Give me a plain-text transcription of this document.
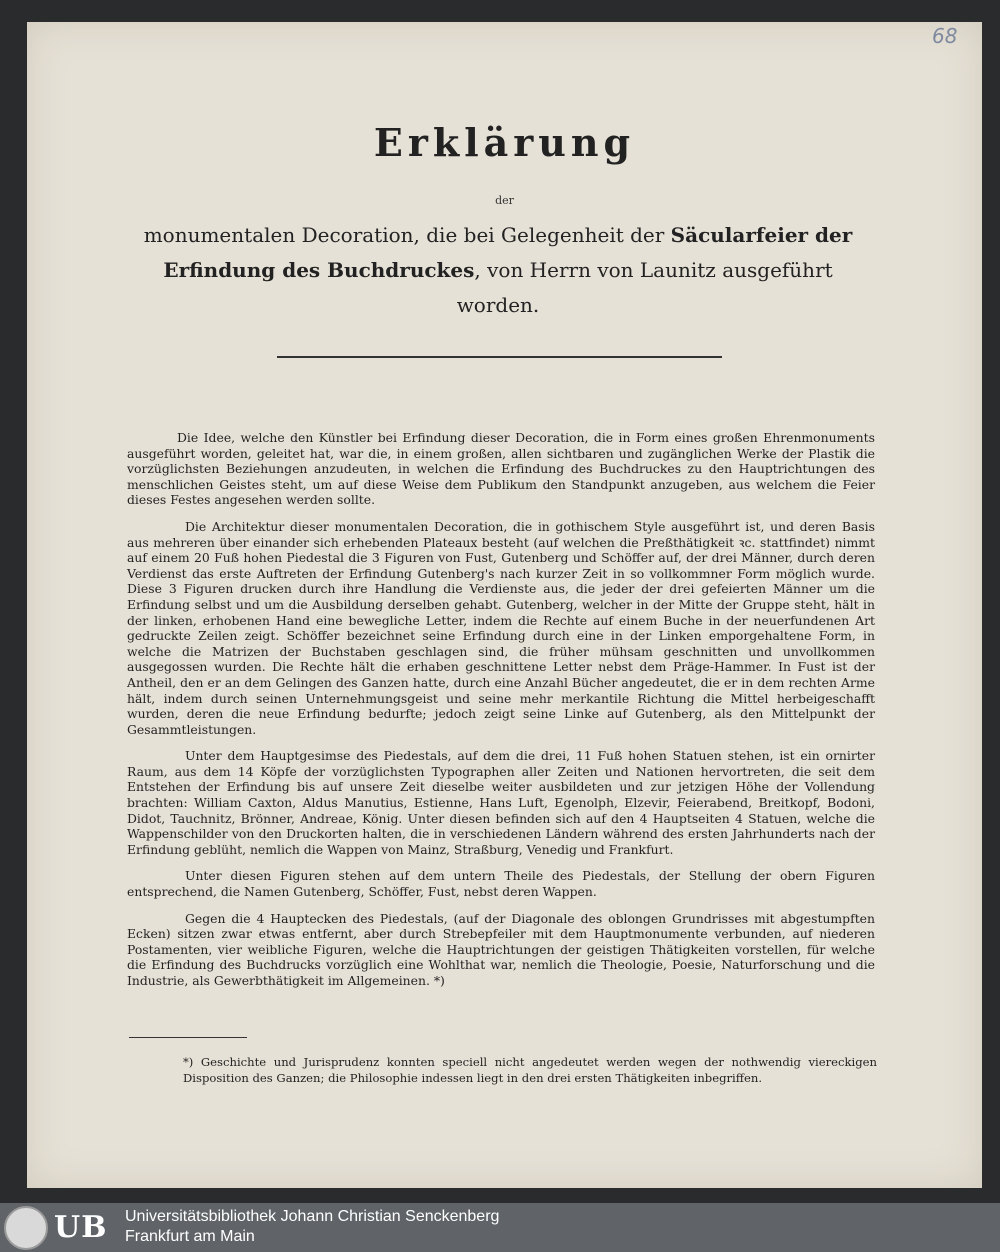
68
Erklärung
der
monumentalen Decoration, die bei Gelegenheit der Säcularfeier der Erfindung des Buchdruckes, von Herrn von Launitz ausgeführt worden.

Die Idee, welche den Künstler bei Erfindung dieser Decoration, die in Form eines großen Ehrenmonuments ausgeführt worden, geleitet hat, war die, in einem großen, allen sichtbaren und zugänglichen Werke der Plastik die vorzüglichsten Beziehungen anzudeuten, in welchen die Erfindung des Buchdruckes zu den Hauptrichtungen des menschlichen Geistes steht, um auf diese Weise dem Publikum den Standpunkt anzugeben, aus welchem die Feier dieses Festes angesehen werden sollte.

Die Architektur dieser monumentalen Decoration, die in gothischem Style ausgeführt ist, und deren Basis aus mehreren über einander sich erhebenden Plateaux besteht (auf welchen die Preßthätigkeit ꝛc. stattfindet) nimmt auf einem 20 Fuß hohen Piedestal die 3 Figuren von Fust, Gutenberg und Schöffer auf, der drei Männer, durch deren Verdienst das erste Auftreten der Erfindung Gutenberg's nach kurzer Zeit in so vollkommner Form möglich wurde. Diese 3 Figuren drucken durch ihre Handlung die Verdienste aus, die jeder der drei gefeierten Männer um die Erfindung selbst und um die Ausbildung derselben gehabt. Gutenberg, welcher in der Mitte der Gruppe steht, hält in der linken, erhobenen Hand eine bewegliche Letter, indem die Rechte auf einem Buche in der neuerfundenen Art gedruckte Zeilen zeigt. Schöffer bezeichnet seine Erfindung durch eine in der Linken emporgehaltene Form, in welche die Matrizen der Buchstaben geschlagen sind, die früher mühsam geschnitten und unvollkommen ausgegossen wurden. Die Rechte hält die erhaben geschnittene Letter nebst dem Präge-Hammer. In Fust ist der Antheil, den er an dem Gelingen des Ganzen hatte, durch eine Anzahl Bücher angedeutet, die er in dem rechten Arme hält, indem durch seinen Unternehmungsgeist und seine mehr merkantile Richtung die Mittel herbeigeschafft wurden, deren die neue Erfindung bedurfte; jedoch zeigt seine Linke auf Gutenberg, als den Mittelpunkt der Gesammtleistungen.

Unter dem Hauptgesimse des Piedestals, auf dem die drei, 11 Fuß hohen Statuen stehen, ist ein ornirter Raum, aus dem 14 Köpfe der vorzüglichsten Typographen aller Zeiten und Nationen hervortreten, die seit dem Entstehen der Erfindung bis auf unsere Zeit dieselbe weiter ausbildeten und zur jetzigen Höhe der Vollendung brachten: William Caxton, Aldus Manutius, Estienne, Hans Luft, Egenolph, Elzevir, Feierabend, Breitkopf, Bodoni, Didot, Tauchnitz, Brönner, Andreae, König. Unter diesen befinden sich auf den 4 Hauptseiten 4 Statuen, welche die Wappenschilder von den Druckorten halten, die in verschiedenen Ländern während des ersten Jahrhunderts nach der Erfindung geblüht, nemlich die Wappen von Mainz, Straßburg, Venedig und Frankfurt.

Unter diesen Figuren stehen auf dem untern Theile des Piedestals, der Stellung der obern Figuren entsprechend, die Namen Gutenberg, Schöffer, Fust, nebst deren Wappen.

Gegen die 4 Hauptecken des Piedestals, (auf der Diagonale des oblongen Grundrisses mit abgestumpften Ecken) sitzen zwar etwas entfernt, aber durch Strebepfeiler mit dem Hauptmonumente verbunden, auf niederen Postamenten, vier weibliche Figuren, welche die Hauptrichtungen der geistigen Thätigkeiten vorstellen, für welche die Erfindung des Buchdrucks vorzüglich eine Wohlthat war, nemlich die Theologie, Poesie, Naturforschung und die Industrie, als Gewerbthätigkeit im Allgemeinen. *)

*) Geschichte und Jurisprudenz konnten speciell nicht angedeutet werden wegen der nothwendig viereckigen Disposition des Ganzen; die Philosophie indessen liegt in den drei ersten Thätigkeiten inbegriffen.
UB Universitätsbibliothek Johann Christian Senckenberg
Frankfurt am Main
